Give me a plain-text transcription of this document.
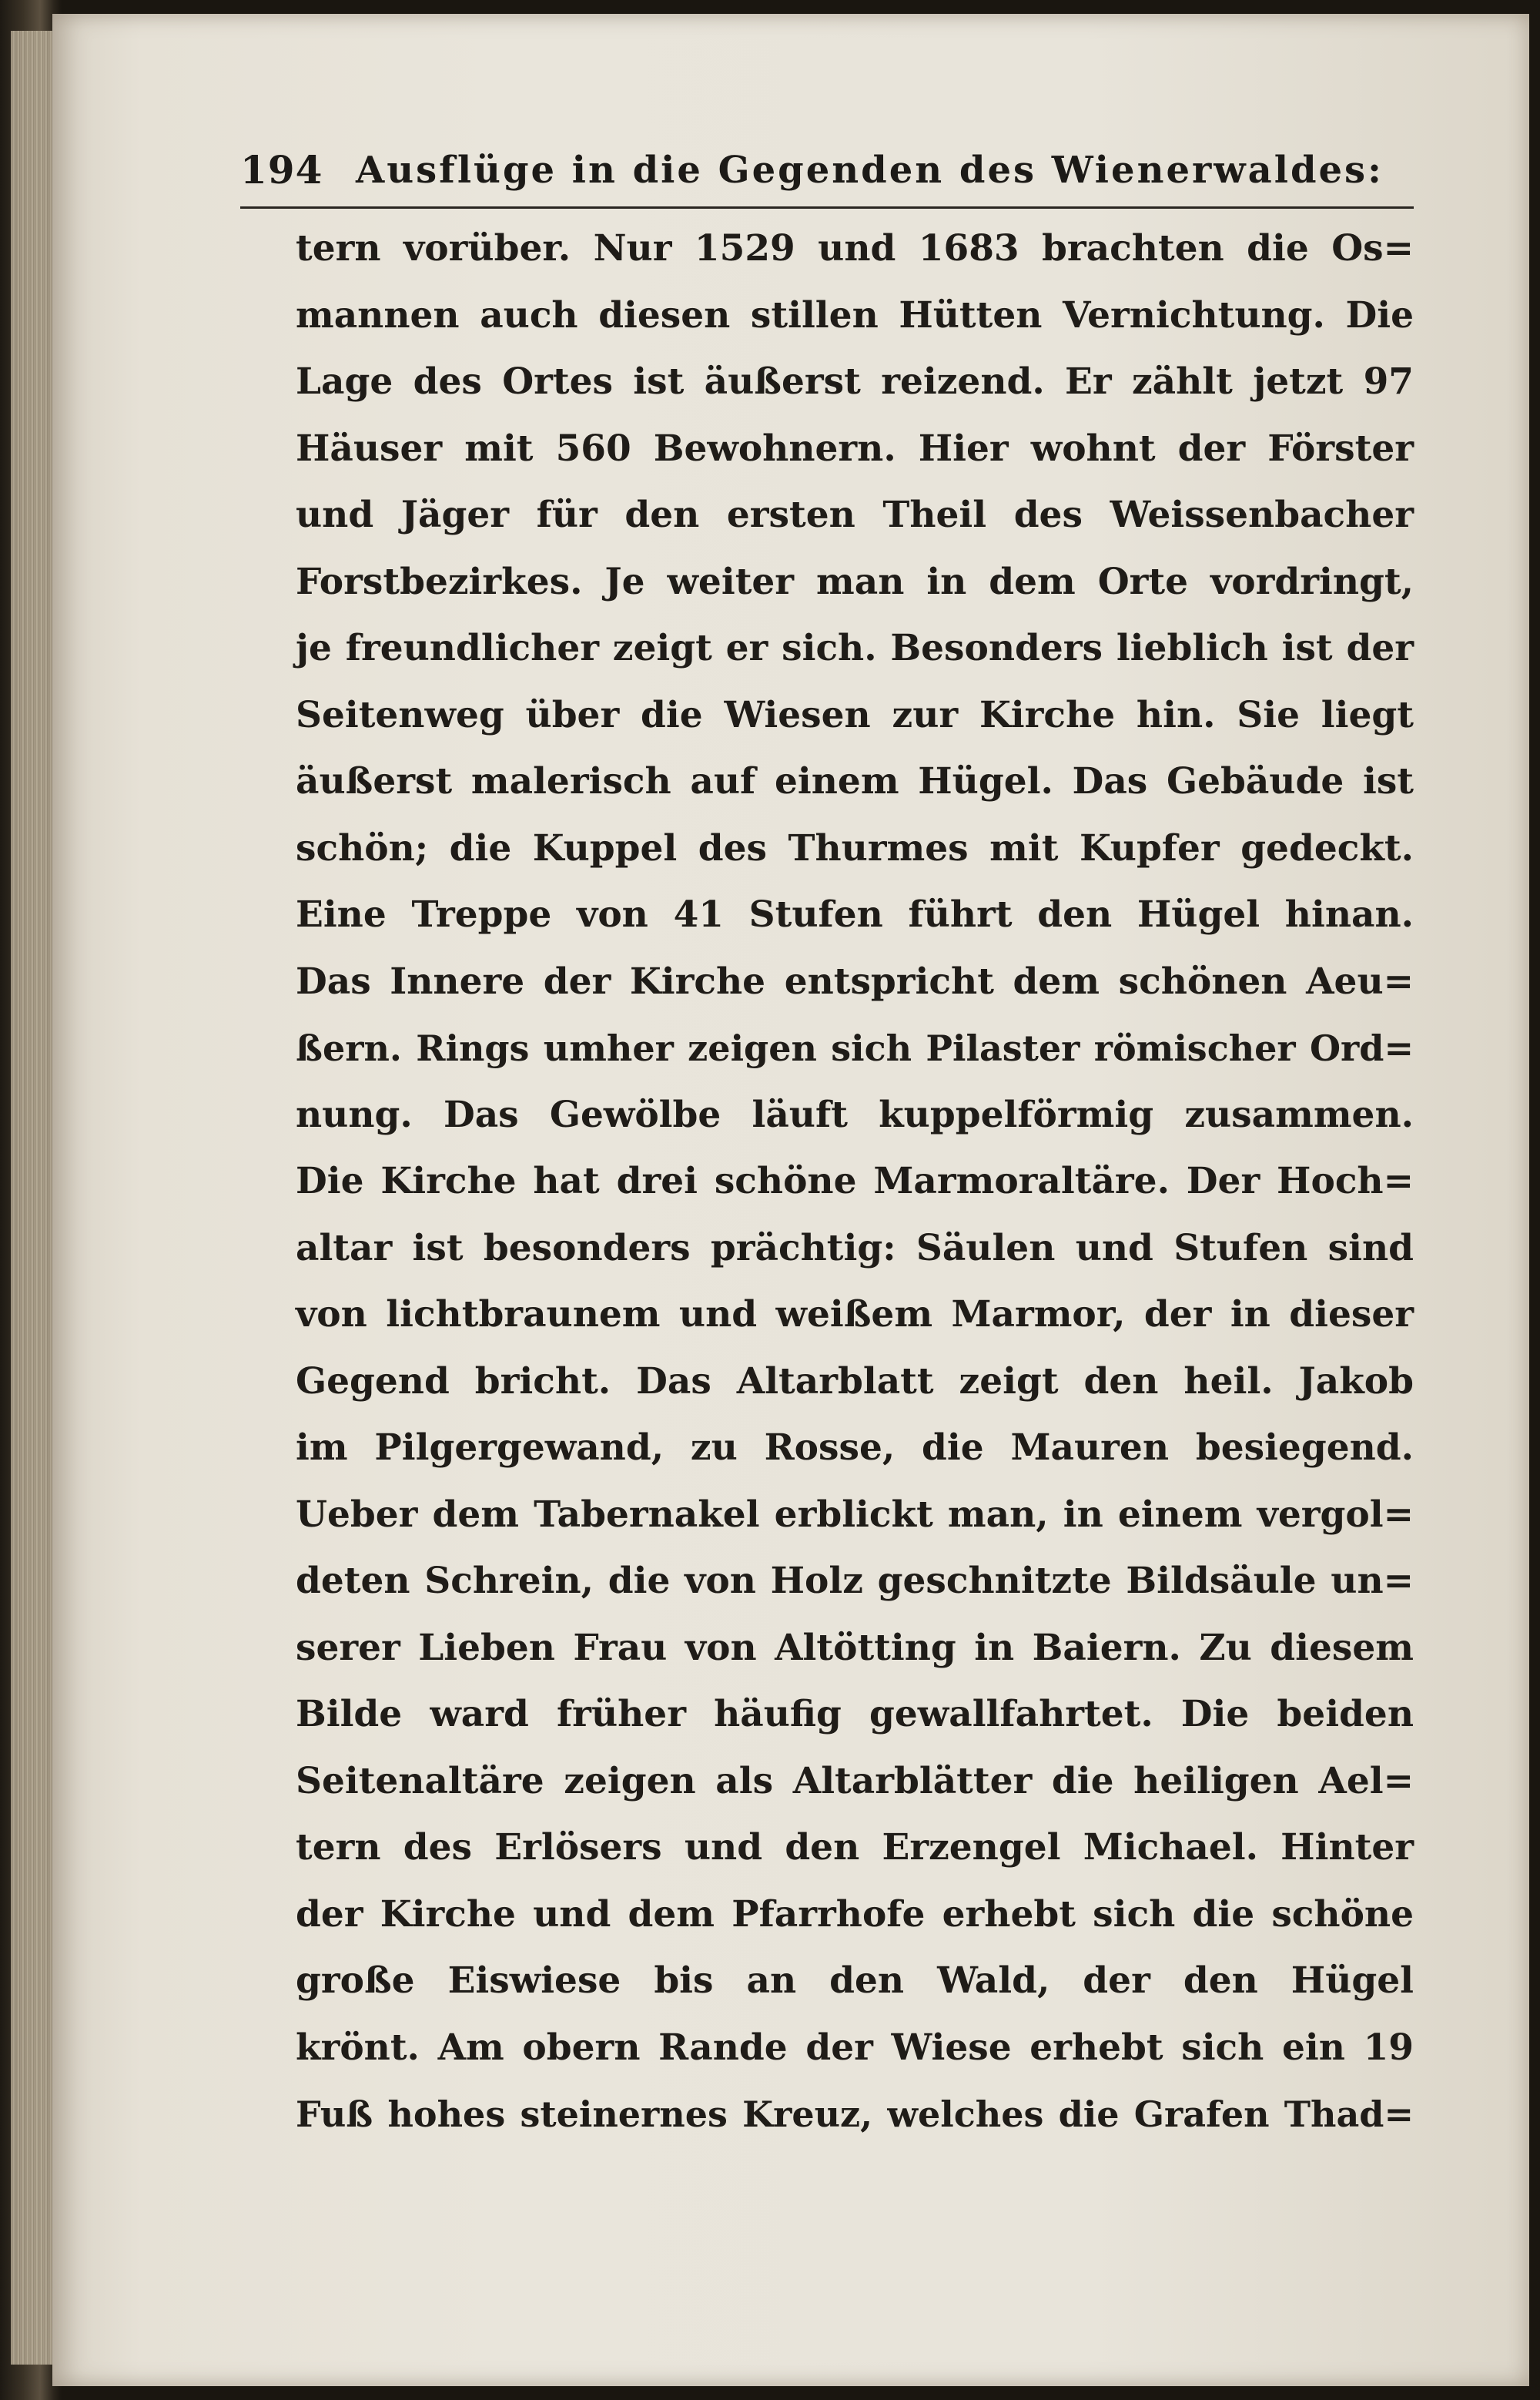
194 Ausflüge in die Gegenden des Wienerwaldes:
tern vorüber. Nur 1529 und 1683 brachten die Os=
mannen auch diesen stillen Hütten Vernichtung. Die
Lage des Ortes ist äußerst reizend. Er zählt jetzt 97
Häuser mit 560 Bewohnern. Hier wohnt der Förster
und Jäger für den ersten Theil des Weissenbacher
Forstbezirkes. Je weiter man in dem Orte vordringt,
je freundlicher zeigt er sich. Besonders lieblich ist der
Seitenweg über die Wiesen zur Kirche hin. Sie liegt
äußerst malerisch auf einem Hügel. Das Gebäude ist
schön; die Kuppel des Thurmes mit Kupfer gedeckt.
Eine Treppe von 41 Stufen führt den Hügel hinan.
Das Innere der Kirche entspricht dem schönen Aeu=
ßern. Rings umher zeigen sich Pilaster römischer Ord=
nung. Das Gewölbe läuft kuppelförmig zusammen.
Die Kirche hat drei schöne Marmoraltäre. Der Hoch=
altar ist besonders prächtig: Säulen und Stufen sind
von lichtbraunem und weißem Marmor, der in dieser
Gegend bricht. Das Altarblatt zeigt den heil. Jakob
im Pilgergewand, zu Rosse, die Mauren besiegend.
Ueber dem Tabernakel erblickt man, in einem vergol=
deten Schrein, die von Holz geschnitzte Bildsäule un=
serer Lieben Frau von Altötting in Baiern. Zu diesem
Bilde ward früher häufig gewallfahrtet. Die beiden
Seitenaltäre zeigen als Altarblätter die heiligen Ael=
tern des Erlösers und den Erzengel Michael. Hinter
der Kirche und dem Pfarrhofe erhebt sich die schöne
große Eiswiese bis an den Wald, der den Hügel
krönt. Am obern Rande der Wiese erhebt sich ein 19
Fuß hohes steinernes Kreuz, welches die Grafen Thad=
